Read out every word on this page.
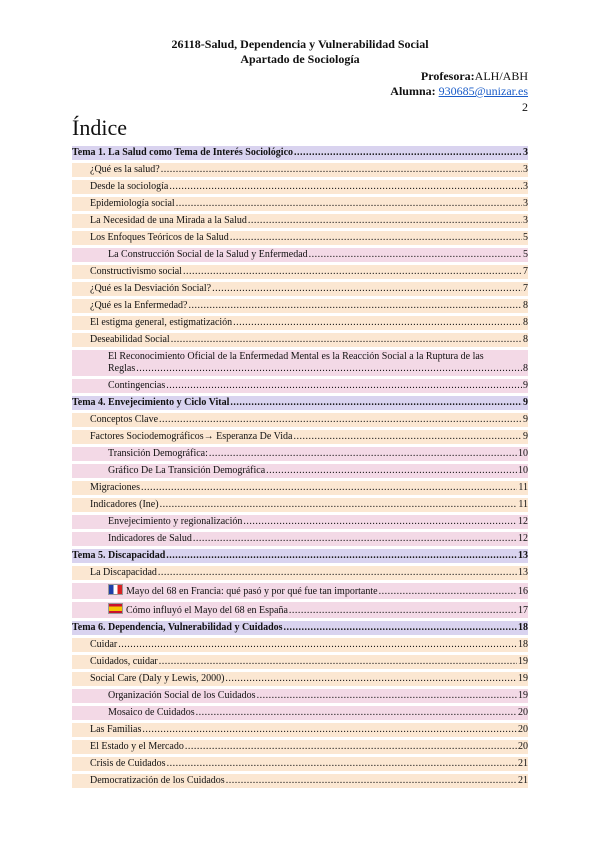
26118-Salud, Dependencia y Vulnerabilidad Social
Apartado de Sociología
Profesora:ALH/ABH
Alumna: 930685@unizar.es
2
Índice
Tema 1. La Salud como Tema de Interés Sociológico .....	3
¿Qué es la salud? .....	3
Desde la sociología .....	3
Epidemiología social .....	3
La Necesidad de una Mirada a la Salud .....	3
Los Enfoques Teóricos de la Salud .....	5
La Construcción Social de la Salud y Enfermedad .....	5
Constructivismo social .....	7
¿Qué es la Desviación Social? .....	7
¿Qué es la Enfermedad? .....	8
El estigma general, estigmatización .....	8
Deseabilidad Social .....	8
El Reconocimiento Oficial de la Enfermedad Mental es la Reacción Social a la Ruptura de las
Reglas .....	8
Contingencias .....	9
Tema 4. Envejecimiento y Ciclo Vital .....	9
Conceptos Clave .....	9
Factores Sociodemográficos→ Esperanza De Vida .....	9
Transición Demográfica: .....	10
Gráfico De La Transición Demográfica .....	10
Migraciones .....	11
Indicadores (Ine) .....	11
Envejecimiento y regionalización .....	12
Indicadores de Salud .....	12
Tema 5. Discapacidad .....	13
La Discapacidad .....	13
Mayo del 68 en Francia: qué pasó y por qué fue tan importante .....	16
Cómo influyó el Mayo del 68 en España .....	17
Tema 6. Dependencia, Vulnerabilidad y Cuidados .....	18
Cuidar .....	18
Cuidados, cuidar .....	19
Social Care (Daly y Lewis, 2000) .....	19
Organización Social de los Cuidados .....	19
Mosaico de Cuidados .....	20
Las Familias .....	20
El Estado y el Mercado .....	20
Crisis de Cuidados .....	21
Democratización de los Cuidados .....	21
